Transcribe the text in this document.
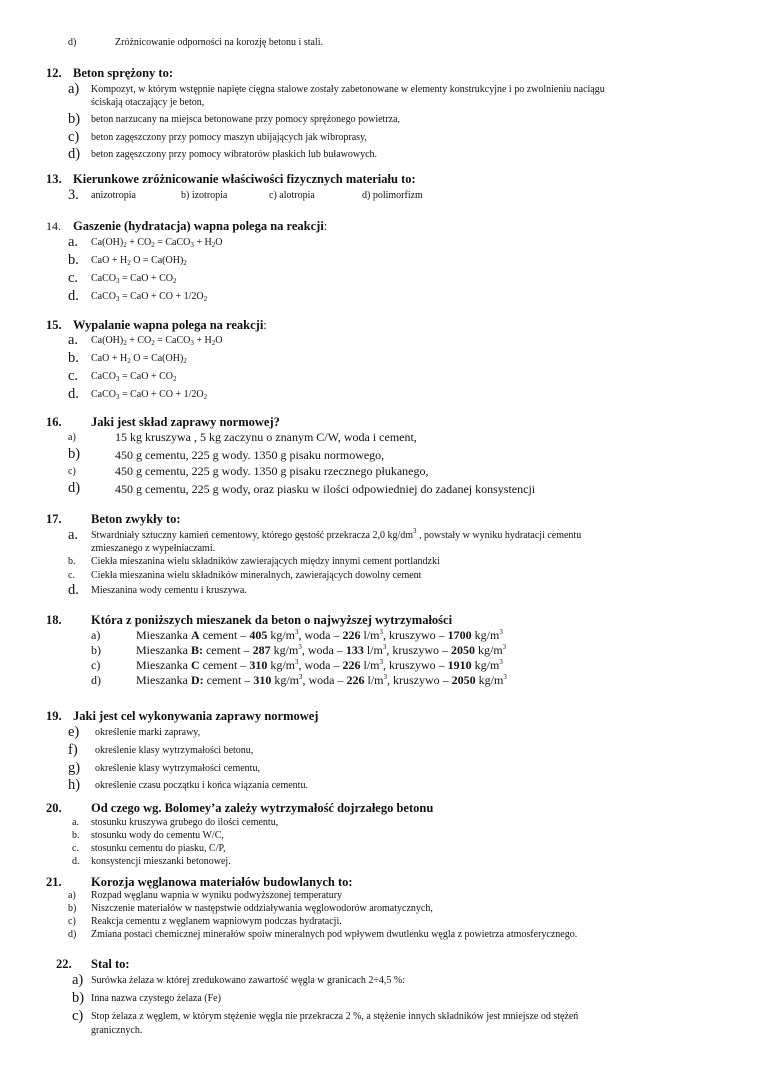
d)	Zróżnicowanie odporności na korozję betonu i stali.
12. Beton sprężony to:
a) Kompozyt, w którym wstępnie napięte cięgna stalowe zostały zabetonowane w elementy konstrukcyjne i po zwolnieniu naciągu
ściskają otaczający je beton,
b) beton narzucany na miejsca betonowane przy pomocy sprężonego powietrza,
c) beton zagęszczony przy pomocy maszyn ubijających jak wibroprasy,
d) beton zagęszczony przy pomocy wibratorów płaskich lub buławowych.
13. Kierunkowe zróżnicowanie właściwości fizycznych materiału to:
3. anizotropia	b) izotropia	c) alotropia	d) polimorfizm
14. Gaszenie (hydratacja) wapna polega na reakcji:
a. $Ca(OH)_2 + CO_2$ = CaCO$_3$ + $H_2O$
b. CaO + $H_2$ $O = Ca(OH)_2$
c. CaCO$_3$ = CaO + $CO_2$
d. CaCO$_3$ = CaO + CO + $1/2O_2$
15. Wypalanie wapna polega na reakcji:
a. $Ca(OH)_2 + CO_2$ = CaCO$_3$ + $H_2O$
b. CaO + $H_2$ $O = Ca(OH)_2$
c. CaCO$_3$ = CaO + $CO_2$
d. CaCO$_3$ = CaO + CO + $1/2O_2$
16. Jaki jest skład zaprawy normowej?
a)	15 kg kruszywa , 5 kg zaczynu o znanym C/W, woda i cement,
b)	450 g cementu, 225 g wody. 1350 g pisaku normowego,
c)	450 g cementu, 225 g wody. 1350 g pisaku rzecznego płukanego,
d)	450 g cementu, 225 g wody, oraz piasku w ilości odpowiedniej do zadanej konsystencji
17. Beton zwykły to:
a. Stwardniały sztuczny kamień cementowy, którego gęstość przekracza 2,0 $kg/dm^3$ , powstały w wyniku hydratacji cementu
zmieszanego z wypełniaczami.
b. Ciekła mieszanina wielu składników zawierających między innymi cement portlandzki
c. Ciekła mieszanina wielu składników mineralnych, zawierających dowolny cement
d. Mieszanina wody cementu i kruszywa.
18. Która z poniższych mieszanek da beton o najwyższej wytrzymałości
a)	Mieszanka A cement – 405 $kg/m^3$, woda – 226 $l/m^3$, kruszywo – 1700 $kg/m^3$
b)	Mieszanka B: cement – 287 $kg/m^3$, woda – 133 $l/m^3$, kruszywo – 2050 $kg/m^3$
c)	Mieszanka C cement – 310 $kg/m^3$, woda – 226 $l/m^3$, kruszywo – 1910 $kg/m^3$
d)	Mieszanka D: cement – 310 $kg/m^3$, woda – 226 $l/m^3$, kruszywo – 2050 $kg/m^3$
19. Jaki jest cel wykonywania zaprawy normowej
e) określenie marki zaprawy,
f) określenie klasy wytrzymałości betonu,
g) określenie klasy wytrzymałości cementu,
h) określenie czasu początku i końca wiązania cementu.
20. Od czego wg. Bolomey’a zależy wytrzymałość dojrzałego betonu
a. stosunku kruszywa grubego do ilości cementu,
b. stosunku wody do cementu W/C,
c. stosunku cementu do piasku, C/P,
d. konsystencji mieszanki betonowej.
21. Korozja węglanowa materiałów budowlanych to:
a) Rozpad węglanu wapnia w wyniku podwyższonej temperatury
b) Niszczenie materiałów w następstwie oddziaływania węglowodorów aromatycznych,
c) Reakcja cementu z węglanem wapniowym podczas hydratacji.
d) Zmiana postaci chemicznej minerałów spoiw mineralnych pod wpływem dwutlenku węgla z powietrza atmosferycznego.
22. Stal to:
a) Surówka żelaza w której zredukowano zawartość węgla w granicach 2÷4,5 %:
b) Inna nazwa czystego żelaza (Fe)
c) Stop żelaza z węglem, w którym stężenie węgla nie przekracza 2 %, a stężenie innych składników jest mniejsze od stężeń
granicznych.
